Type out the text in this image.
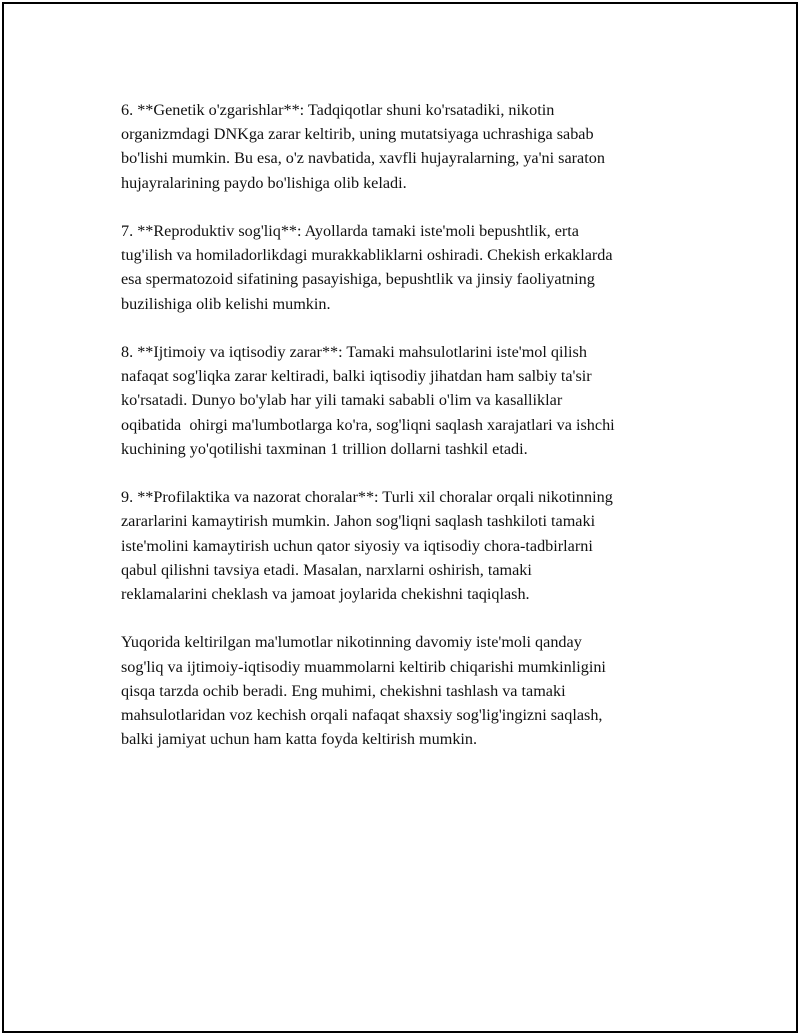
6. **Genetik o'zgarishlar**: Tadqiqotlar shuni ko'rsatadiki, nikotin
organizmdagi DNKga zarar keltirib, uning mutatsiyaga uchrashiga sabab
bo'lishi mumkin. Bu esa, o'z navbatida, xavfli hujayralarning, ya'ni saraton
hujayralarining paydo bo'lishiga olib keladi.

7. **Reproduktiv sog'liq**: Ayollarda tamaki iste'moli bepushtlik, erta
tug'ilish va homiladorlikdagi murakkabliklarni oshiradi. Chekish erkaklarda
esa spermatozoid sifatining pasayishiga, bepushtlik va jinsiy faoliyatning
buzilishiga olib kelishi mumkin.

8. **Ijtimoiy va iqtisodiy zarar**: Tamaki mahsulotlarini iste'mol qilish
nafaqat sog'liqka zarar keltiradi, balki iqtisodiy jihatdan ham salbiy ta'sir
ko'rsatadi. Dunyo bo'ylab har yili tamaki sababli o'lim va kasalliklar
oqibatida  ohirgi ma'lumbotlarga ko'ra, sog'liqni saqlash xarajatlari va ishchi
kuchining yo'qotilishi taxminan 1 trillion dollarni tashkil etadi.

9. **Profilaktika va nazorat choralar**: Turli xil choralar orqali nikotinning
zararlarini kamaytirish mumkin. Jahon sog'liqni saqlash tashkiloti tamaki
iste'molini kamaytirish uchun qator siyosiy va iqtisodiy chora-tadbirlarni
qabul qilishni tavsiya etadi. Masalan, narxlarni oshirish, tamaki
reklamalarini cheklash va jamoat joylarida chekishni taqiqlash.

Yuqorida keltirilgan ma'lumotlar nikotinning davomiy iste'moli qanday
sog'liq va ijtimoiy-iqtisodiy muammolarni keltirib chiqarishi mumkinligini
qisqa tarzda ochib beradi. Eng muhimi, chekishni tashlash va tamaki
mahsulotlaridan voz kechish orqali nafaqat shaxsiy sog'lig'ingizni saqlash,
balki jamiyat uchun ham katta foyda keltirish mumkin.
